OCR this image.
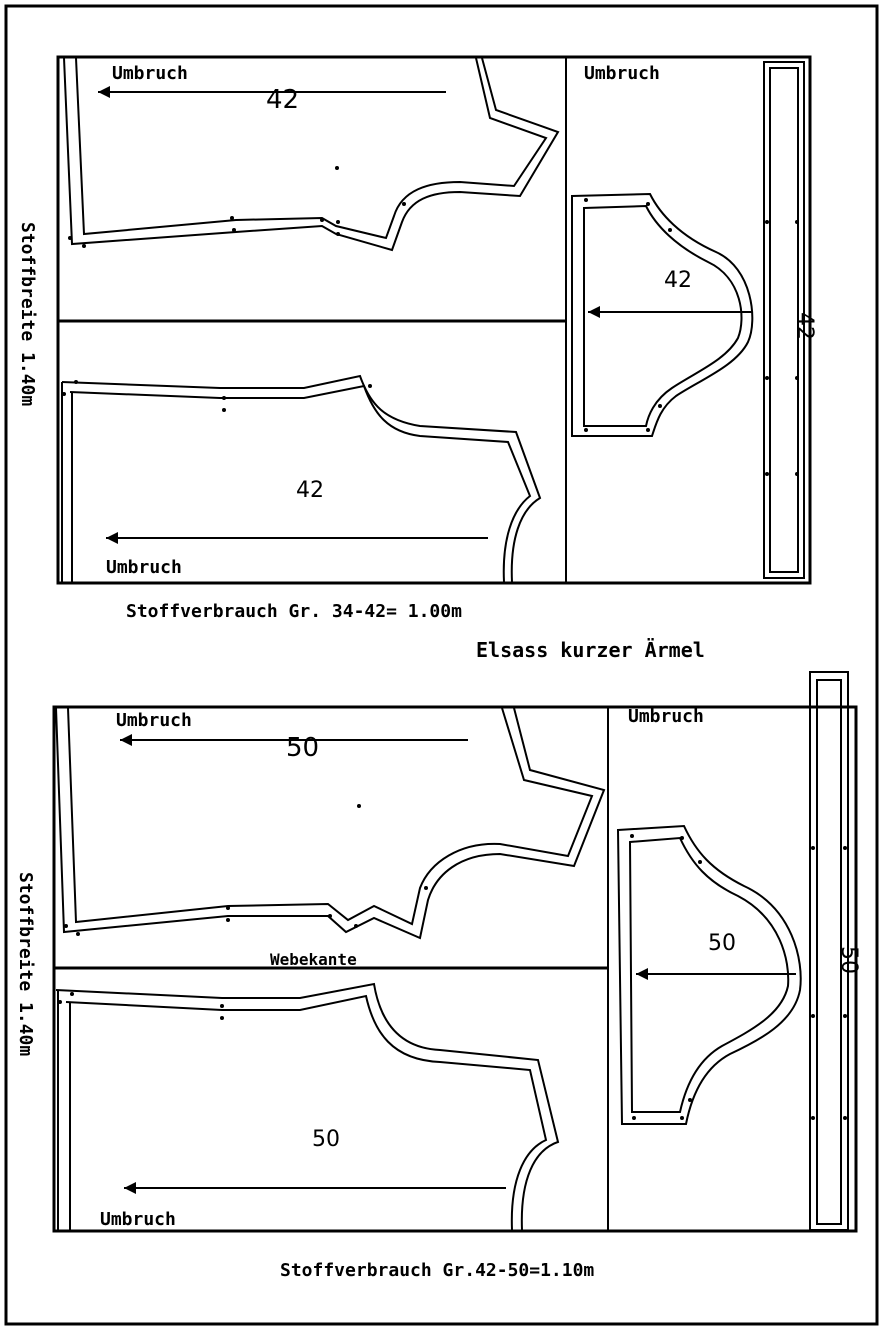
Umbruch	Umbruch
Umbruch
42
42
42
42
Stoffbreite 1.40m
Stoffverbrauch Gr. 34-42= 1.00m
Elsass kurzer Ärmel
Umbruch	Umbruch
Umbruch
Webekante
50
50
50
50
Stoffbreite 1.40m
Stoffverbrauch Gr.42-50=1.10m
